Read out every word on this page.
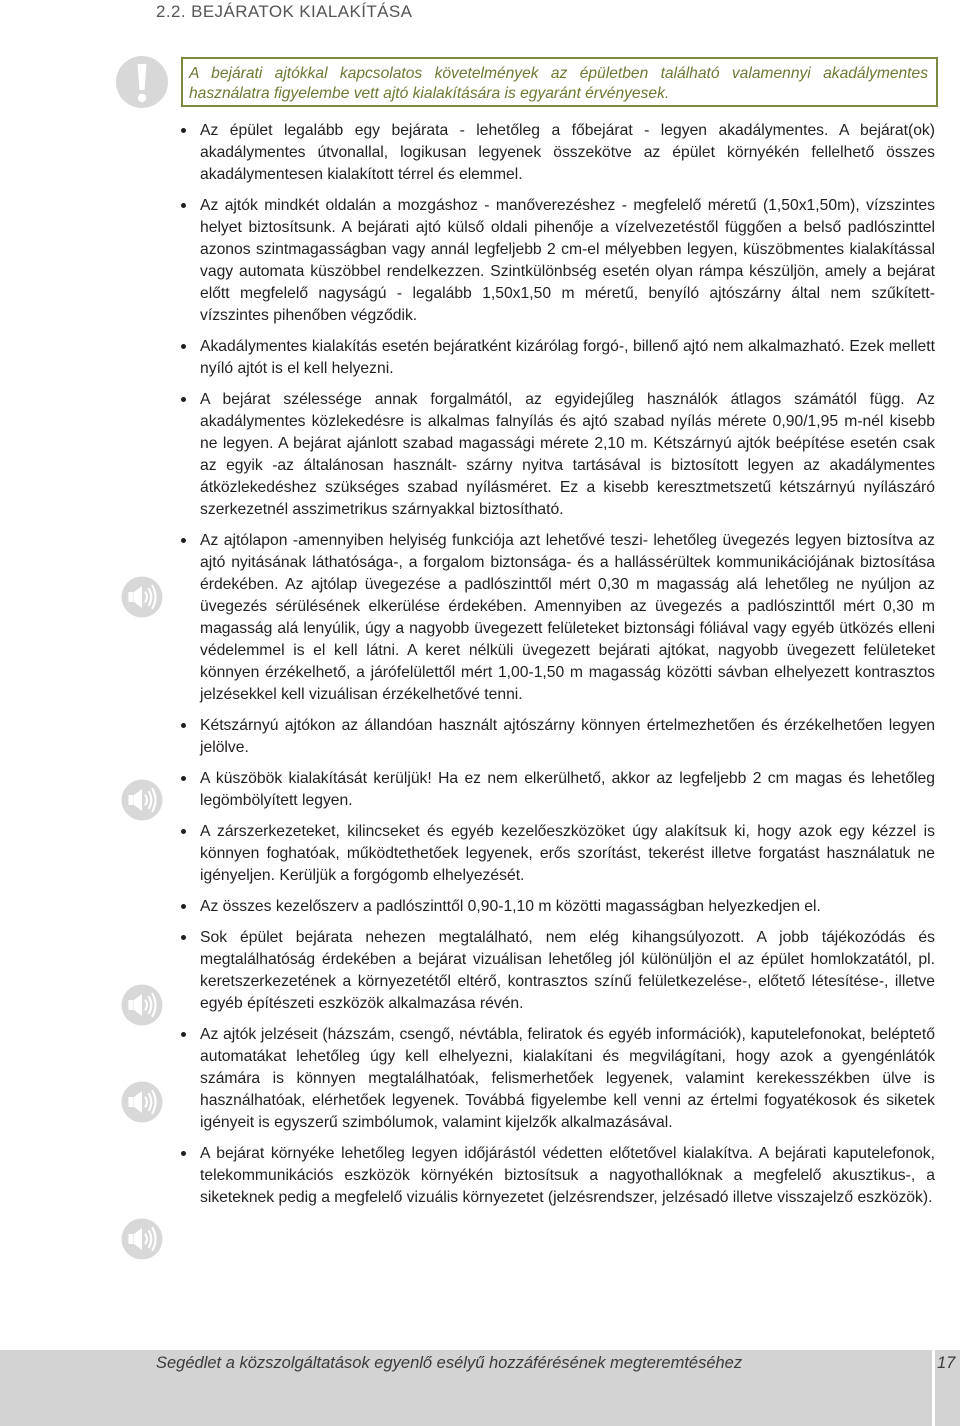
2.2. BEJÁRATOK KIALAKÍTÁSA
A bejárati ajtókkal kapcsolatos követelmények az épületben található valamennyi akadálymentes használatra figyelembe vett ajtó kialakítására is egyaránt érvényesek.
Az épület legalább egy bejárata - lehetőleg a főbejárat - legyen akadálymentes. A bejárat(ok) akadálymentes útvonallal, logikusan legyenek összekötve az épület környékén fellelhető összes akadálymentesen kialakított térrel és elemmel.
Az ajtók mindkét oldalán a mozgáshoz - manőverezéshez - megfelelő méretű (1,50x1,50m), vízszintes helyet biztosítsunk. A bejárati ajtó külső oldali pihenője a vízelvezetéstől függően a belső padlószinttel azonos szintmagasságban vagy annál legfeljebb 2 cm-el mélyebben legyen, küszöbmentes kialakítással vagy automata küszöbbel rendelkezzen. Szintkülönbség esetén olyan rámpa készüljön, amely a bejárat előtt megfelelő nagyságú - legalább 1,50x1,50 m méretű, benyíló ajtószárny által nem szűkített- vízszintes pihenőben végződik.
Akadálymentes kialakítás esetén bejáratként kizárólag forgó-, billenő ajtó nem alkalmazható. Ezek mellett nyíló ajtót is el kell helyezni.
A bejárat szélessége annak forgalmától, az egyidejűleg használók átlagos számától függ. Az akadálymentes közlekedésre is alkalmas falnyílás és ajtó szabad nyílás mérete 0,90/1,95 m-nél kisebb ne legyen. A bejárat ajánlott szabad magassági mérete 2,10 m. Kétszárnyú ajtók beépítése esetén csak az egyik -az általánosan használt- szárny nyitva tartásával is biztosított legyen az akadálymentes átközlekedéshez szükséges szabad nyílásméret. Ez a kisebb keresztmetszetű kétszárnyú nyílászáró szerkezetnél asszimetrikus szárnyakkal biztosítható.
Az ajtólapon -amennyiben helyiség funkciója azt lehetővé teszi- lehetőleg üvegezés legyen biztosítva az ajtó nyitásának láthatósága-, a forgalom biztonsága- és a hallássérültek kommunikációjának biztosítása érdekében. Az ajtólap üvegezése a padlószinttől mért 0,30 m magasság alá lehetőleg ne nyúljon az üvegezés sérülésének elkerülése érdekében. Amennyiben az üvegezés a padlószinttől mért 0,30 m magasság alá lenyúlik, úgy a nagyobb üvegezett felületeket biztonsági fóliával vagy egyéb ütközés elleni védelemmel is el kell látni. A keret nélküli üvegezett bejárati ajtókat, nagyobb üvegezett felületeket könnyen érzékelhető, a járófelülettől mért 1,00-1,50 m magasság közötti sávban elhelyezett kontrasztos jelzésekkel kell vizuálisan érzékelhetővé tenni.
Kétszárnyú ajtókon az állandóan használt ajtószárny könnyen értelmezhetően és érzékelhetően legyen jelölve.
A küszöbök kialakítását kerüljük! Ha ez nem elkerülhető, akkor az legfeljebb 2 cm magas és lehetőleg legömbölyített legyen.
A zárszerkezeteket, kilincseket és egyéb kezelőeszközöket úgy alakítsuk ki, hogy azok egy kézzel is könnyen foghatóak, működtethetőek legyenek, erős szorítást, tekerést illetve forgatást használatuk ne igényeljen. Kerüljük a forgógomb elhelyezését.
Az összes kezelőszerv a padlószinttől 0,90-1,10 m közötti magasságban helyezkedjen el.
Sok épület bejárata nehezen megtalálható, nem elég kihangsúlyozott. A jobb tájékozódás és megtalálhatóság érdekében a bejárat vizuálisan lehetőleg jól különüljön el az épület homlokzatától, pl. keretszerkezetének a környezetétől eltérő, kontrasztos színű felületkezelése-, előtető létesítése-, illetve egyéb építészeti eszközök alkalmazása révén.
Az ajtók jelzéseit (házszám, csengő, névtábla, feliratok és egyéb információk), kaputelefonokat, beléptető automatákat lehetőleg úgy kell elhelyezni, kialakítani és megvilágítani, hogy azok a gyengénlátók számára is könnyen megtalálhatóak, felismerhetőek legyenek, valamint kerekesszékben ülve is használhatóak, elérhetőek legyenek. Továbbá figyelembe kell venni az értelmi fogyatékosok és siketek igényeit is egyszerű szimbólumok, valamint kijelzők alkalmazásával.
A bejárat környéke lehetőleg legyen időjárástól védetten előtetővel kialakítva. A bejárati kaputelefonok, telekommunikációs eszközök környékén biztosítsuk a nagyothallóknak a megfelelő akusztikus-, a siketeknek pedig a megfelelő vizuális környezetet (jelzésrendszer, jelzésadó illetve visszajelző eszközök).
Segédlet a közszolgáltatások egyenlő esélyű hozzáférésének megteremtéséhez	17
